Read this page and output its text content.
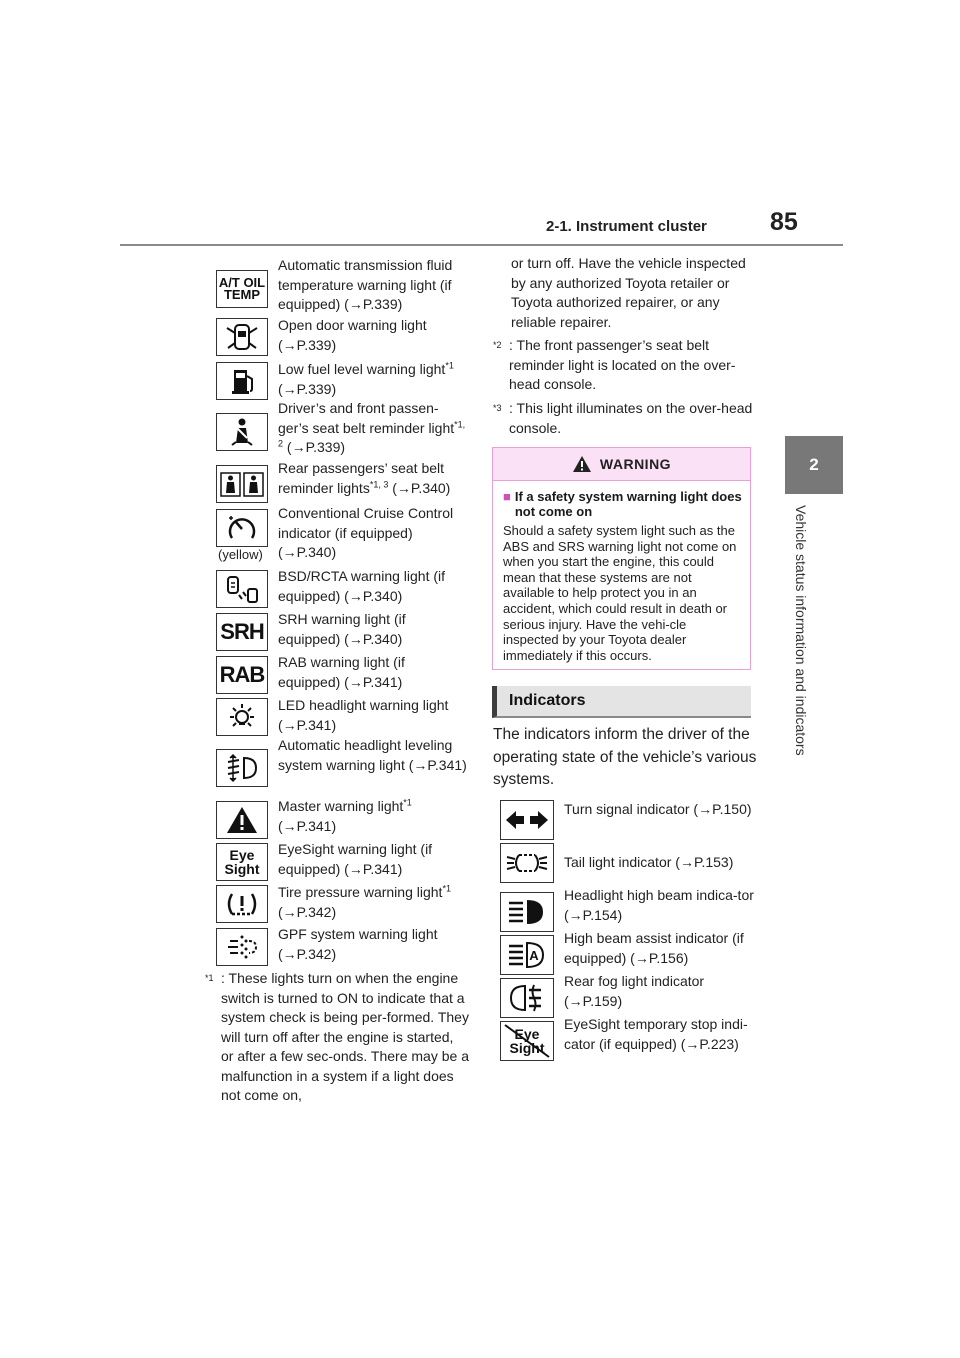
2-1. Instrument cluster	85
2
Vehicle status information and indicators
A/T OIL TEMP
Automatic transmission fluid temperature warning light (if equipped) (→P.339)
Open door warning light (→P.339)
Low fuel level warning light$^{*1}$
(→P.339)
Driver’s and front passen-ger’s seat belt reminder light$^{*1, 2}$ (→P.339)
Rear passengers’ seat belt reminder lights$^{*1, 3}$ (→P.340)
Conventional Cruise Control indicator (if equipped) (→P.340)
(yellow)
BSD/RCTA warning light (if equipped) (→P.340)
SRH SRH warning light (if equipped) (→P.340)
RAB RAB warning light (if equipped) (→P.341)
LED headlight warning light (→P.341)
Automatic headlight leveling system warning light (→P.341)
Master warning light$^{*1}$
(→P.341)
Eye Sight
EyeSight warning light (if equipped) (→P.341)
Tire pressure warning light$^{*1}$
(→P.342)
GPF system warning light (→P.342)
*1 : These lights turn on when the engine switch is turned to ON to indicate that a system check is being per-formed. They will turn off after the engine is started, or after a few sec-onds. There may be a malfunction in a system if a light does not come on,
or turn off. Have the vehicle inspected by any authorized Toyota retailer or Toyota authorized repairer, or any reliable repairer.
*2 : The front passenger’s seat belt reminder light is located on the over-head console.
*3 : This light illuminates on the over-head console.
WARNING
■ If a safety system warning light does not come on
Should a safety system light such as the ABS and SRS warning light not come on when you start the engine, this could mean that these systems are not available to help protect you in an accident, which could result in death or serious injury. Have the vehi-cle inspected by your Toyota dealer immediately if this occurs.
Indicators
The indicators inform the driver of the operating state of the vehicle’s various systems.
Turn signal indicator (→P.150)
Tail light indicator (→P.153)
Headlight high beam indica-tor (→P.154)
A
High beam assist indicator (if equipped) (→P.156)
Rear fog light indicator (→P.159)
Eye Sight
EyeSight temporary stop indi-cator (if equipped) (→P.223)
